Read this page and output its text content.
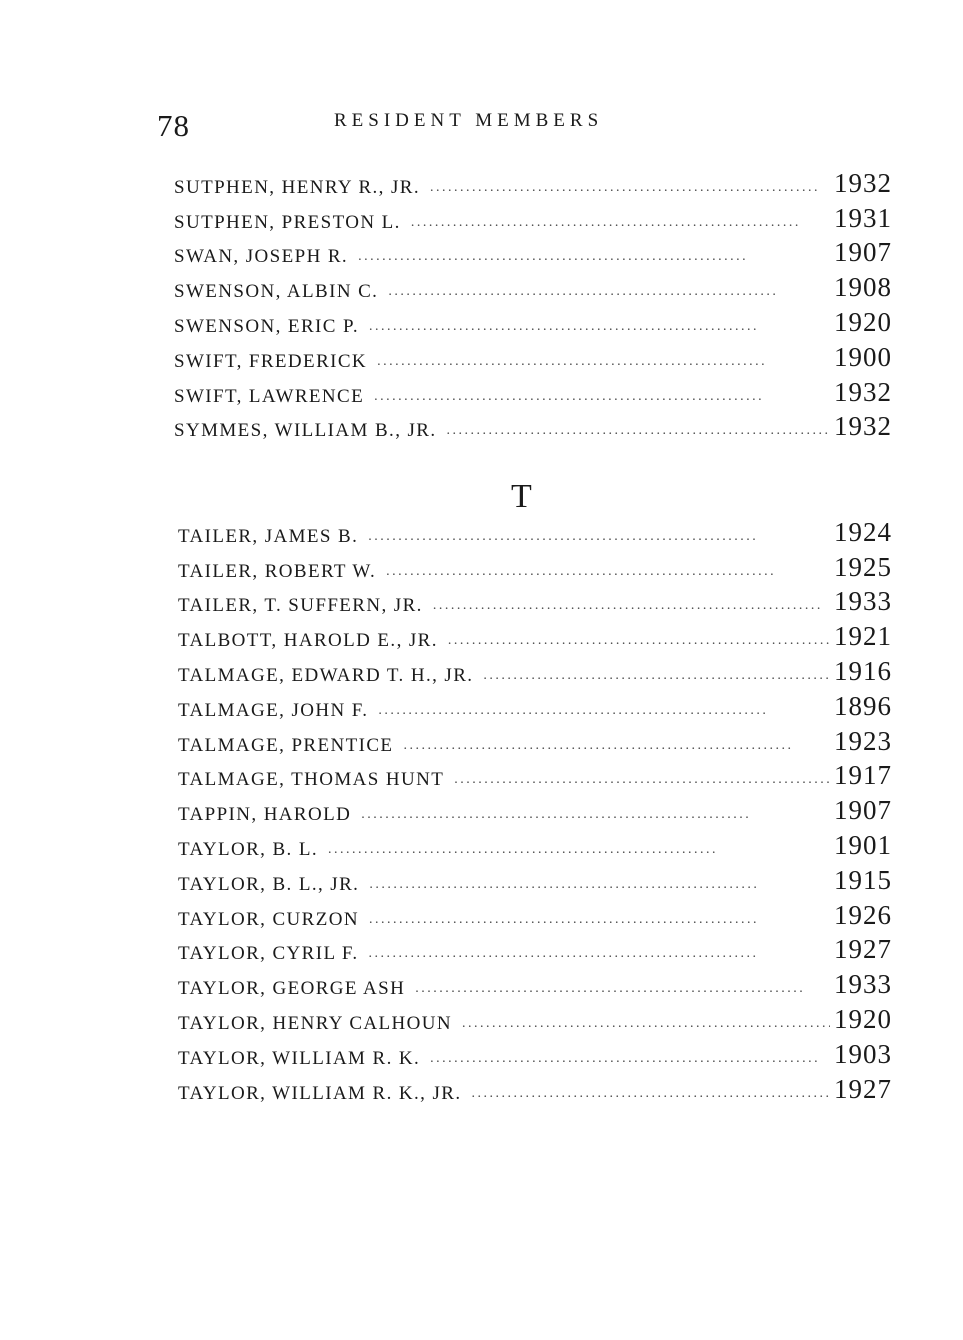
78	RESIDENT MEMBERS
SUTPHEN, HENRY R., JR. . . .	1932
SUTPHEN, PRESTON L. . . .	1931
SWAN, JOSEPH R. . . .	1907
SWENSON, ALBIN C. . . .	1908
SWENSON, ERIC P. . . .	1920
SWIFT, FREDERICK . . .	1900
SWIFT, LAWRENCE . . .	1932
SYMMES, WILLIAM B., JR. . . .	1932
T
TAILER, JAMES B. . . .	1924
TAILER, ROBERT W. . . .	1925
TAILER, T. SUFFERN, JR. . . .	1933
TALBOTT, HAROLD E., JR. . . .	1921
TALMAGE, EDWARD T. H., JR. . . .	1916
TALMAGE, JOHN F. . . .	1896
TALMAGE, PRENTICE . . .	1923
TALMAGE, THOMAS HUNT . . .	1917
TAPPIN, HAROLD . . .	1907
TAYLOR, B. L. . . .	1901
TAYLOR, B. L., JR. . . .	1915
TAYLOR, CURZON . . .	1926
TAYLOR, CYRIL F. . . .	1927
TAYLOR, GEORGE ASH . . .	1933
TAYLOR, HENRY CALHOUN . . .	1920
TAYLOR, WILLIAM R. K. . . .	1903
TAYLOR, WILLIAM R. K., JR. . . .	1927
